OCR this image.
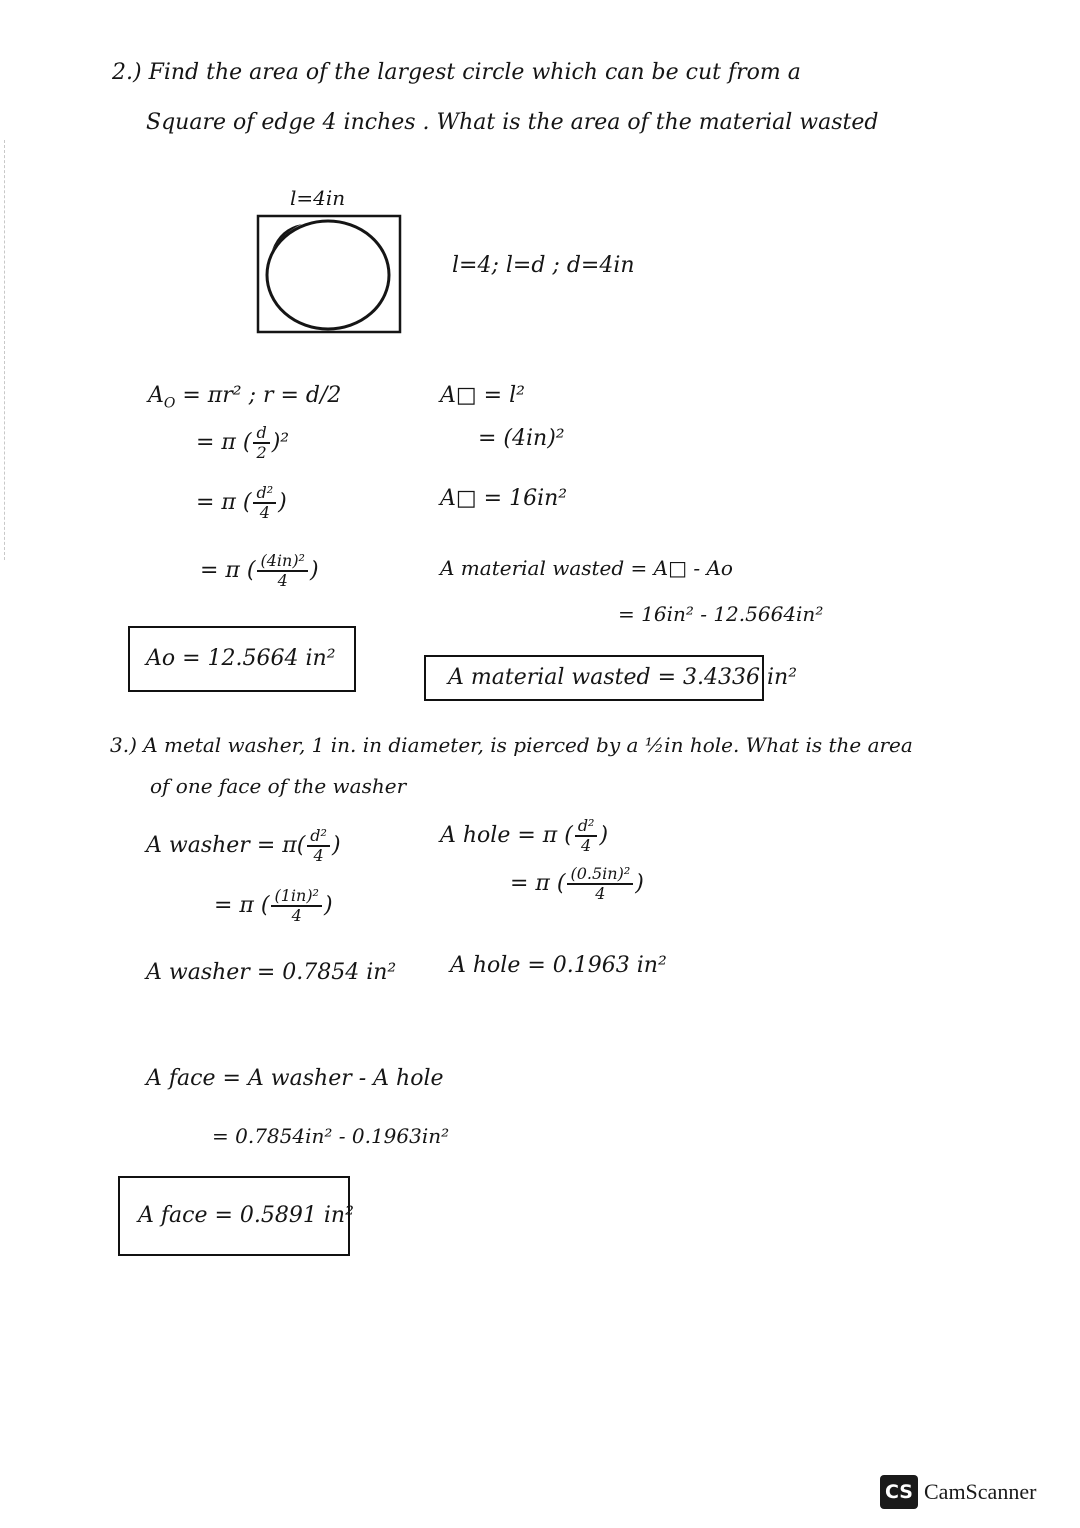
2.) Find the area of the largest circle which can be cut from a
Square of edge 4 inches . What is the area of the material wasted
l=4in
l=4; l=d ; d=4in
$A_O = \pi r^2$ ; r = d/2
= π ( $\frac{d}{2} )^2$
= π ( $\frac{\text{d²}}{4}$ )
= π ( $\frac{\text{(4in)²}}{4}$ )
Ao = 12.5664 in²
A□ = l²
= (4in)²
A□ = 16in²
A material wasted = A□ - Ao
= 16in² - 12.5664in²
A material wasted = 3.4336 in²
3.) A metal washer, 1 in. in diameter, is pierced by a ½in hole. What is the area
of one face of the washer
A washer = $\pi( \frac{\text{d²}}{4}$ )
= π ( $\frac{\text{(1in)²}}{4}$ )
A washer = 0.7854 in²
A hole = π ( $\frac{\text{d²}}{4}$ )
= π ( $\frac{\text{(0.5in)²}}{4}$ )
A hole = 0.1963 in²
A face = A washer - A hole
= 0.7854in² - 0.1963in²
A face = 0.5891 in²
CS CamScanner
